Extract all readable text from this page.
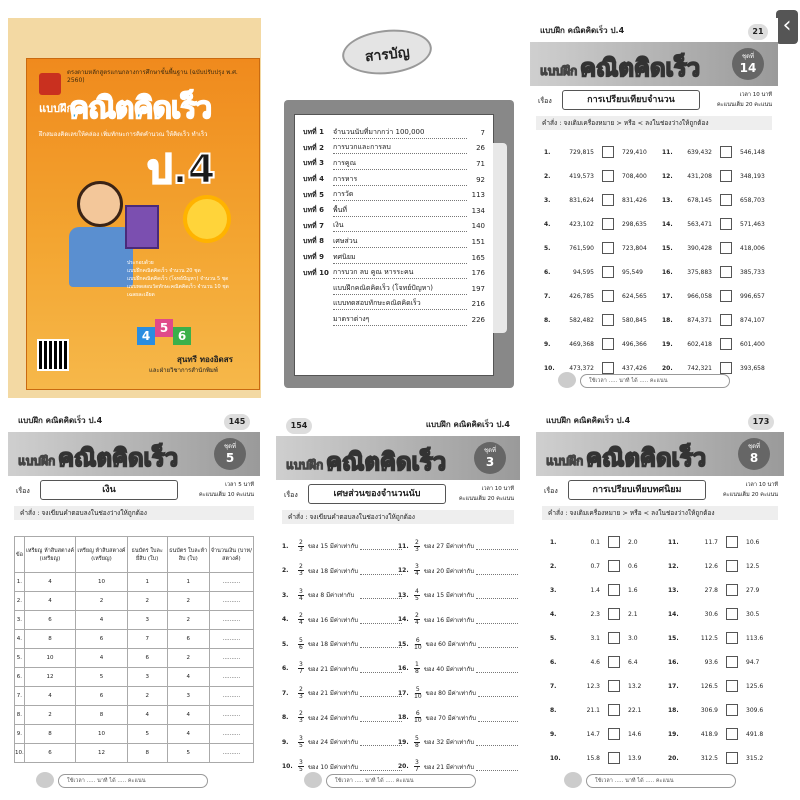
ตรงตามหลักสูตรแกนกลางการศึกษาขั้นพื้นฐาน (ฉบับปรับปรุง พ.ศ. 2560)
แบบฝึก
คณิตคิดเร็ว
ฝึกสมองคิดเลขให้คล่อง เพิ่มทักษะการคิดคำนวณ ให้คิดเร็ว ทำเร็ว
ป.4
ประกอบด้วย
แบบฝึกคณิตคิดเร็ว จำนวน 20 ชุด
แบบฝึกคณิตคิดเร็ว (โจทย์ปัญหา) จำนวน 5 ชุด
แบบทดสอบวัดทักษะคณิตคิดเร็ว จำนวน 10 ชุด
เฉลยละเอียด
4
5
6
สุนทรี ทองอิดสร
และฝ่ายวิชาการสำนักพิมพ์
สารบัญ
บทที่ 1	จำนวนนับที่มากกว่า 100,000	7
บทที่ 2	การบวกและการลบ	26
บทที่ 3	การคูณ	71
บทที่ 4	การหาร	92
บทที่ 5	การวัด	113
บทที่ 6	พื้นที่	134
บทที่ 7	เงิน	140
บทที่ 8	เศษส่วน	151
บทที่ 9	ทศนิยม	165
บทที่ 10 การบวก ลบ คูณ หารระคน	176
แบบฝึกคณิตคิดเร็ว (โจทย์ปัญหา)	197
แบบทดสอบทักษะคณิตคิดเร็ว	216
มาตราต่างๆ	226
‹
แบบฝึก คณิตคิดเร็ว ป.4	21
แบบฝึก คณิตคิดเร็ว	ชุดที่
14
เรื่อง	การเปรียบเทียบจำนวน	เวลา 10 นาที
คะแนนเต็ม 20 คะแนน
คำสั่ง : จงเติมเครื่องหมาย > หรือ < ลงในช่องว่างให้ถูกต้อง
1.	729,815	729,410
2.	419,573	708,400
3.	831,624	831,426
4.	423,102	298,635
5.	761,590	723,804
6.	94,595	95,549
7.	426,785	624,565
8.	582,482	580,845
9.	469,368	496,366
10.	473,372	437,426
11.	639,432	546,148
12.	431,208	348,193
13.	678,145	658,703
14.	563,471	571,463
15.	390,428	418,006
16.	375,883	385,733
17.	966,058	996,657
18.	874,371	874,107
19.	602,418	601,400
20.	742,321	393,658
ใช้เวลา ..... นาที ได้ ..... คะแนน
แบบฝึก คณิตคิดเร็ว ป.4	145
แบบฝึก คณิตคิดเร็ว	ชุดที่
5
เรื่อง	เงิน	เวลา 5 นาที
คะแนนเต็ม 10 คะแนน
คำสั่ง : จงเขียนคำตอบลงในช่องว่างให้ถูกต้อง
ข้อ	เหรียญ ห้าสิบสตางค์ (เหรียญ)	เหรียญ ห้าสิบสตางค์ (เหรียญ)	ธนบัตร ใบละยี่สิบ (ใบ)	ธนบัตร ใบละห้าสิบ (ใบ)	จำนวนเงิน (บาท/สตางค์)
1.	4	10	1	1	..........
2.	4	2	2	2	..........
3.	6	4	3	2	..........
4.	8	6	7	6	..........
5.	10	4	6	2	..........
6.	12	5	3	4	..........
7.	4	6	2	3	..........
8.	2	8	4	4	..........
9.	8	10	5	4	..........
10.	6	12	8	5	..........
ใช้เวลา ..... นาที ได้ ..... คะแนน
แบบฝึก คณิตคิดเร็ว ป.4
154
แบบฝึก คณิตคิดเร็ว	ชุดที่
3
เรื่อง	เศษส่วนของจำนวนนับ	เวลา 10 นาที
คะแนนเต็ม 20 คะแนน
คำสั่ง : จงเขียนคำตอบลงในช่องว่างให้ถูกต้อง
1.	$\frac{2}{3}$ ของ 15 มีค่าเท่ากับ
2.	$\frac{2}{3}$ ของ 18 มีค่าเท่ากับ
3.	$\frac{3}{4}$ ของ 8 มีค่าเท่ากับ
4.	$\frac{2}{4}$ ของ 16 มีค่าเท่ากับ
5.	$\frac{5}{6}$ ของ 18 มีค่าเท่ากับ
6.	$\frac{3}{7}$ ของ 21 มีค่าเท่ากับ
7.	$\frac{2}{3}$ ของ 21 มีค่าเท่ากับ
8.	$\frac{2}{3}$ ของ 24 มีค่าเท่ากับ
9.	$\frac{3}{5}$ ของ 24 มีค่าเท่ากับ
10. $\frac{3}{5}$ ของ 10 มีค่าเท่ากับ
11. $\frac{2}{3}$ ของ 27 มีค่าเท่ากับ
12. $\frac{3}{4}$ ของ 20 มีค่าเท่ากับ
13. $\frac{4}{5}$ ของ 15 มีค่าเท่ากับ
14. $\frac{2}{4}$ ของ 16 มีค่าเท่ากับ
15. $\frac{6}{10}$ ของ 60 มีค่าเท่ากับ
16. $\frac{1}{8}$ ของ 40 มีค่าเท่ากับ
17. $\frac{5}{10}$ ของ 80 มีค่าเท่ากับ
18. $\frac{6}{10}$ ของ 70 มีค่าเท่ากับ
19. $\frac{5}{8}$ ของ 32 มีค่าเท่ากับ
20. $\frac{3}{7}$ ของ 21 มีค่าเท่ากับ
ใช้เวลา ..... นาที ได้ ..... คะแนน
แบบฝึก คณิตคิดเร็ว ป.4	173
แบบฝึก คณิตคิดเร็ว	ชุดที่
8
เรื่อง	การเปรียบเทียบทศนิยม	เวลา 10 นาที
คะแนนเต็ม 20 คะแนน
คำสั่ง : จงเติมเครื่องหมาย > หรือ < ลงในช่องว่างให้ถูกต้อง
1.	0.1	2.0
2.	0.7	0.6
3.	1.4	1.6
4.	2.3	2.1
5.	3.1	3.0
6.	4.6	6.4
7.	12.3	13.2
8.	21.1	22.1
9.	14.7	14.6
10.	15.8	13.9
11.	11.7	10.6
12.	12.6	12.5
13.	27.8	27.9
14.	30.6	30.5
15.	112.5	113.6
16.	93.6	94.7
17.	126.5	125.6
18.	306.9	309.6
19.	418.9	491.8
20.	312.5	315.2
ใช้เวลา ..... นาที ได้ ..... คะแนน
